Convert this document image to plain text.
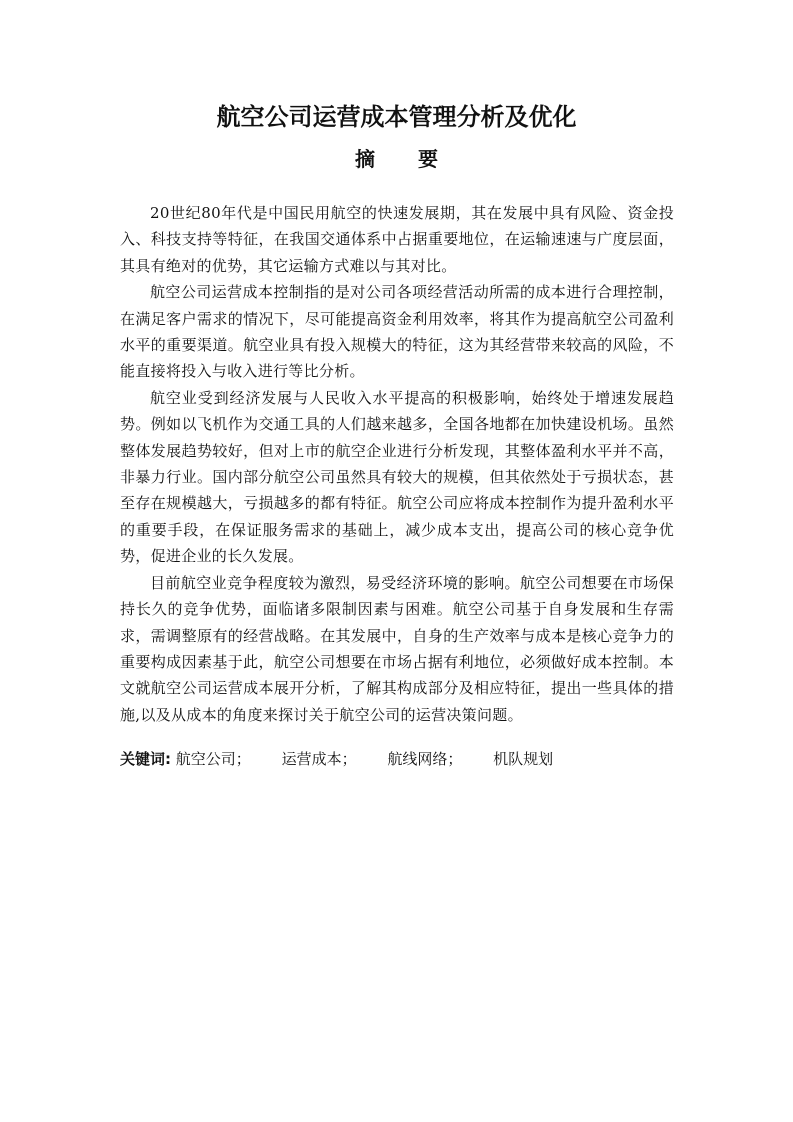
航空公司运营成本管理分析及优化
摘 要

20世纪80年代是中国民用航空的快速发展期，其在发展中具有风险、资金投入、科技支持等特征，在我国交通体系中占据重要地位，在运输速速与广度层面，其具有绝对的优势，其它运输方式难以与其对比。

航空公司运营成本控制指的是对公司各项经营活动所需的成本进行合理控制，在满足客户需求的情况下，尽可能提高资金利用效率，将其作为提高航空公司盈利水平的重要渠道。航空业具有投入规模大的特征，这为其经营带来较高的风险，不能直接将投入与收入进行等比分析。

航空业受到经济发展与人民收入水平提高的积极影响，始终处于增速发展趋势。例如以飞机作为交通工具的人们越来越多，全国各地都在加快建设机场。虽然整体发展趋势较好，但对上市的航空企业进行分析发现，其整体盈利水平并不高，非暴力行业。国内部分航空公司虽然具有较大的规模，但其依然处于亏损状态，甚至存在规模越大，亏损越多的都有特征。航空公司应将成本控制作为提升盈利水平的重要手段，在保证服务需求的基础上，减少成本支出，提高公司的核心竞争优势，促进企业的长久发展。

目前航空业竞争程度较为激烈，易受经济环境的影响。航空公司想要在市场保持长久的竞争优势，面临诸多限制因素与困难。航空公司基于自身发展和生存需求，需调整原有的经营战略。在其发展中，自身的生产效率与成本是核心竞争力的重要构成因素基于此，航空公司想要在市场占据有利地位，必须做好成本控制。本文就航空公司运营成本展开分析，了解其构成部分及相应特征，提出一些具体的措施,以及从成本的角度来探讨关于航空公司的运营决策问题。

关键词: 航空公司； 运营成本； 航线网络； 机队规划
